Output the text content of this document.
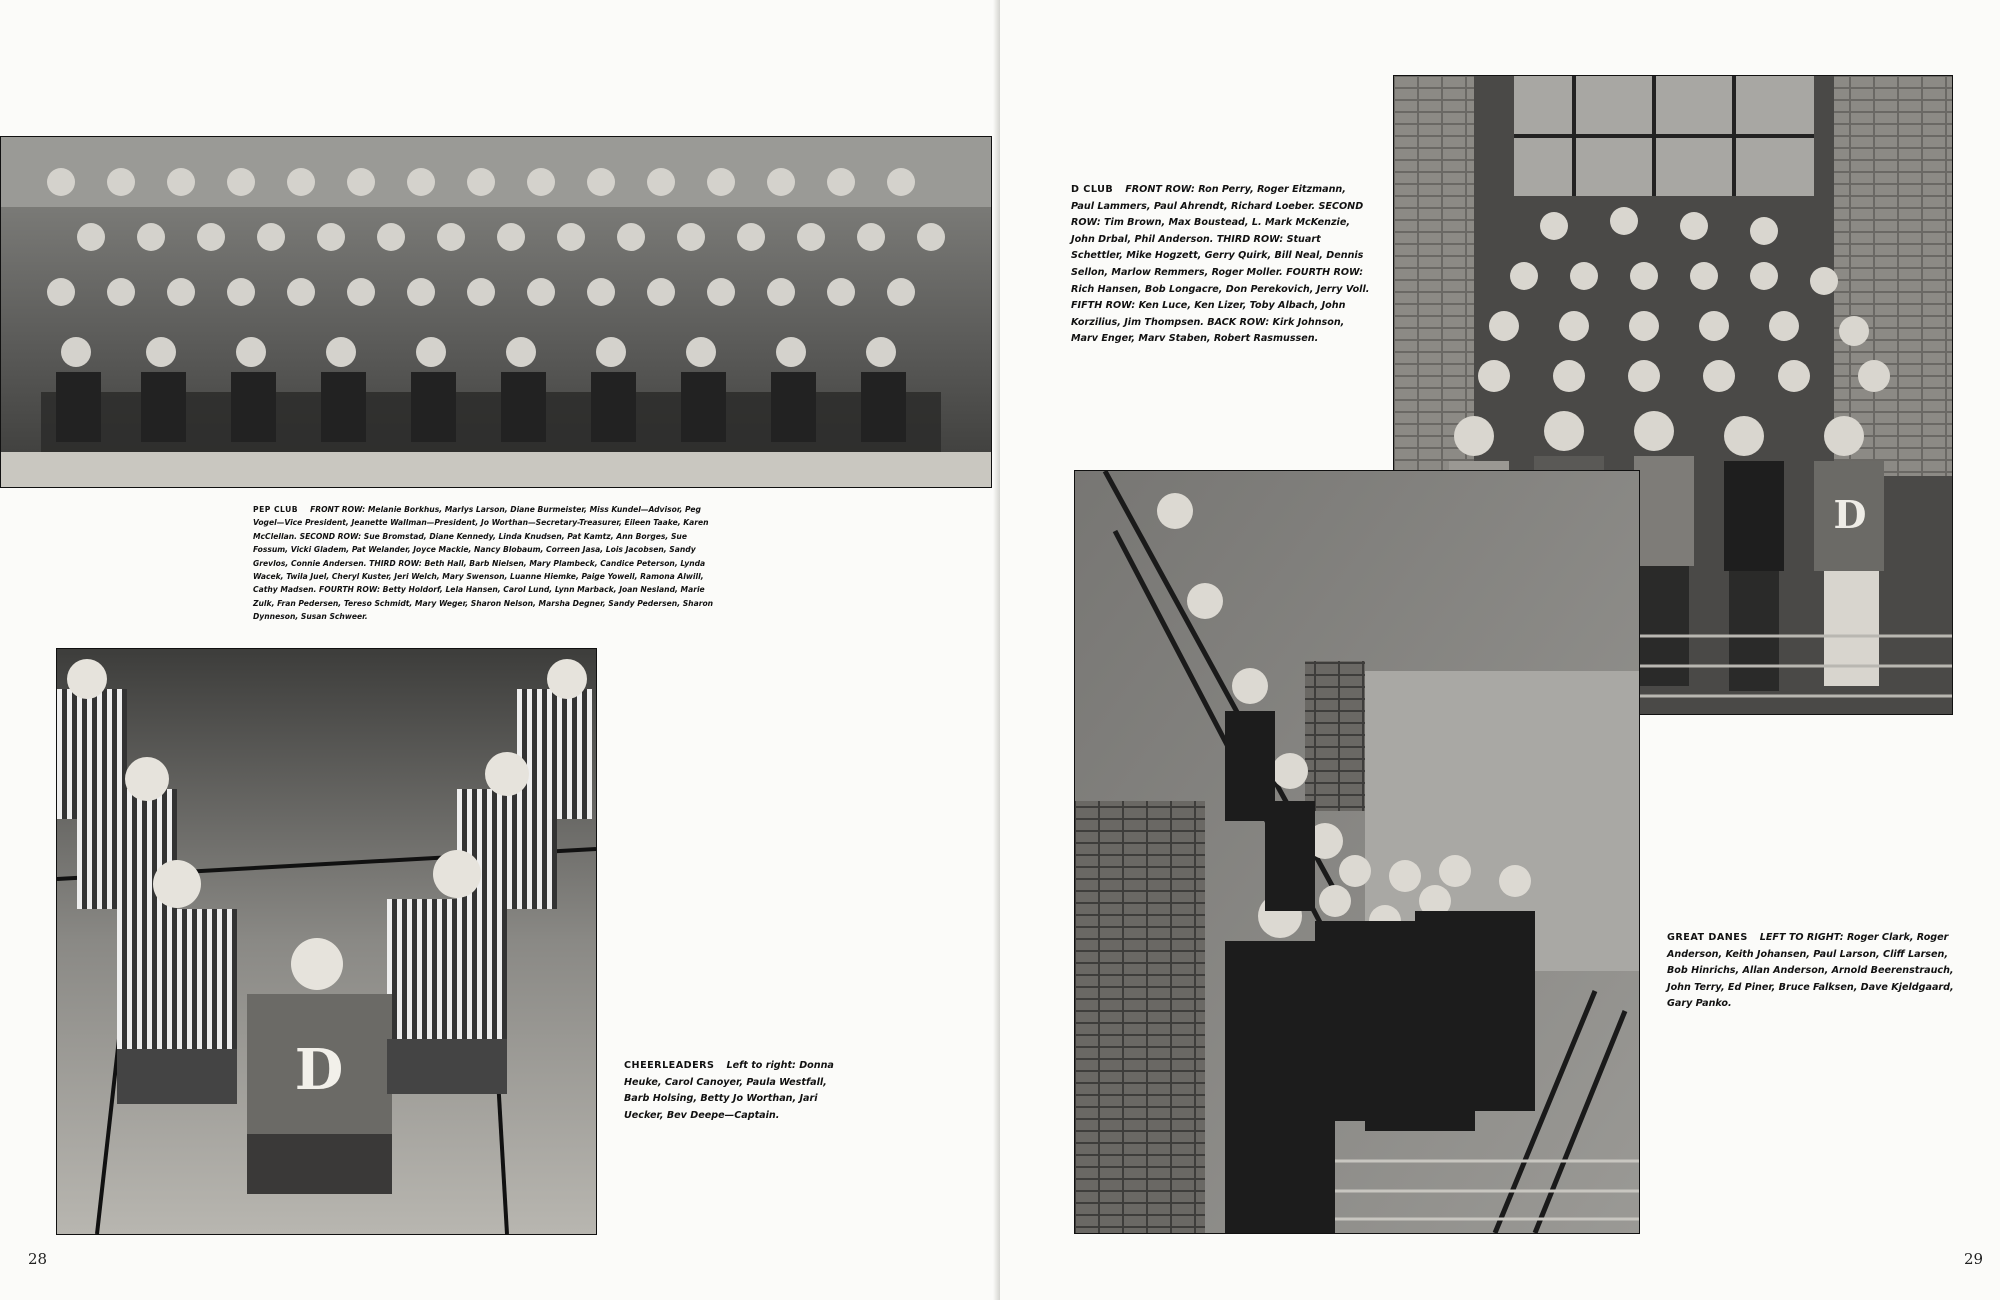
PEP CLUB FRONT ROW: Melanie Borkhus, Marlys Larson, Diane Burmeister, Miss Kundel—Advisor, Peg Vogel—Vice President, Jeanette Wallman—President, Jo Worthan—Secretary-Treasurer, Eileen Taake, Karen McClellan. SECOND ROW: Sue Bromstad, Diane Kennedy, Linda Knudsen, Pat Kamtz, Ann Borges, Sue Fossum, Vicki Gladem, Pat Welander, Joyce Mackie, Nancy Blobaum, Correen Jasa, Lois Jacobsen, Sandy Grevlos, Connie Andersen. THIRD ROW: Beth Hall, Barb Nielsen, Mary Plambeck, Candice Peterson, Lynda Wacek, Twila Juel, Cheryl Kuster, Jeri Welch, Mary Swenson, Luanne Hiemke, Paige Yowell, Ramona Alwill, Cathy Madsen. FOURTH ROW: Betty Holdorf, Lela Hansen, Carol Lund, Lynn Marback, Joan Nesland, Marie Zulk, Fran Pedersen, Tereso Schmidt, Mary Weger, Sharon Nelson, Marsha Degner, Sandy Pedersen, Sharon Dynneson, Susan Schweer.
D	CHEERLEADERS Left to right: Donna Heuke, Carol Canoyer, Paula Westfall, Barb Holsing, Betty Jo Worthan, Jari Uecker, Bev Deepe—Captain.
28
D CLUB FRONT ROW: Ron Perry, Roger Eitzmann, Paul Lammers, Paul Ahrendt, Richard Loeber. SECOND ROW: Tim Brown, Max Boustead, L. Mark McKenzie, John Drbal, Phil Anderson. THIRD ROW: Stuart Schettler, Mike Hogzett, Gerry Quirk, Bill Neal, Dennis Sellon, Marlow Remmers, Roger Moller. FOURTH ROW: Rich Hansen, Bob Longacre, Don Perekovich, Jerry Voll. FIFTH ROW: Ken Luce, Ken Lizer, Toby Albach, John Korzilius, Jim Thompsen. BACK ROW: Kirk Johnson, Marv Enger, Marv Staben, Robert Rasmussen.
D
GREAT DANES LEFT TO RIGHT: Roger Clark, Roger Anderson, Keith Johansen, Paul Larson, Cliff Larsen, Bob Hinrichs, Allan Anderson, Arnold Beerenstrauch, John Terry, Ed Piner, Bruce Falksen, Dave Kjeldgaard, Gary Panko.
29
